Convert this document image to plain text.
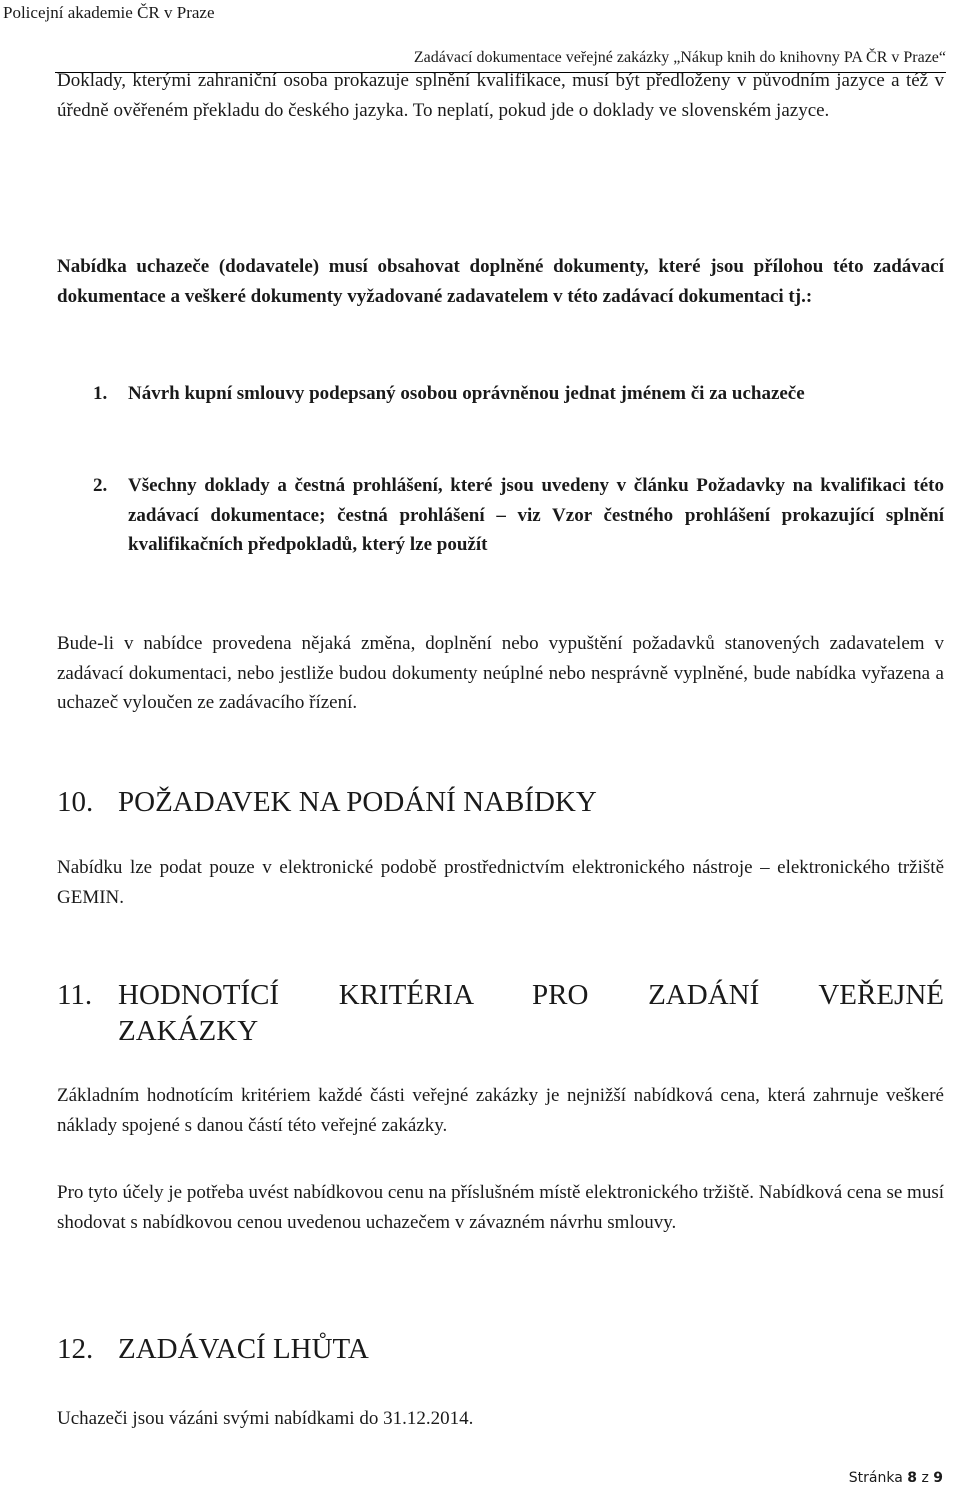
Policejní akademie ČR v Praze
Zadávací dokumentace veřejné zakázky „Nákup knih do knihovny PA ČR v Praze“

Doklady, kterými zahraniční osoba prokazuje splnění kvalifikace, musí být předloženy v původním jazyce a též v úředně ověřeném překladu do českého jazyka. To neplatí, pokud jde o doklady ve slovenském jazyce.

Nabídka uchazeče (dodavatele) musí obsahovat doplněné dokumenty, které jsou přílohou této zadávací dokumentace a veškeré dokumenty vyžadované zadavatelem v této zadávací dokumentaci tj.:

1. Návrh kupní smlouvy podepsaný osobou oprávněnou jednat jménem či za uchazeče

2. Všechny doklady a čestná prohlášení, které jsou uvedeny v článku Požadavky na kvalifikaci této zadávací dokumentace; čestná prohlášení – viz Vzor čestného prohlášení prokazující splnění kvalifikačních předpokladů, který lze použít

Bude-li v nabídce provedena nějaká změna, doplnění nebo vypuštění požadavků stanovených zadavatelem v zadávací dokumentaci, nebo jestliže budou dokumenty neúplné nebo nesprávně vyplněné, bude nabídka vyřazena a uchazeč vyloučen ze zadávacího řízení.

10. POŽADAVEK NA PODÁNÍ NABÍDKY

Nabídku lze podat pouze v elektronické podobě prostřednictvím elektronického nástroje – elektronického tržiště GEMIN.

11. HODNOTÍCÍ KRITÉRIA PRO ZADÁNÍ VEŘEJNÉ
ZAKÁZKY

Základním hodnotícím kritériem každé části veřejné zakázky je nejnižší nabídková cena, která zahrnuje veškeré náklady spojené s danou částí této veřejné zakázky.

Pro tyto účely je potřeba uvést nabídkovou cenu na příslušném místě elektronického tržiště. Nabídková cena se musí shodovat s nabídkovou cenou uvedenou uchazečem v závazném návrhu smlouvy.

12. ZADÁVACÍ LHŮTA

Uchazeči jsou vázáni svými nabídkami do 31.12.2014.

Stránka 8 z 9
